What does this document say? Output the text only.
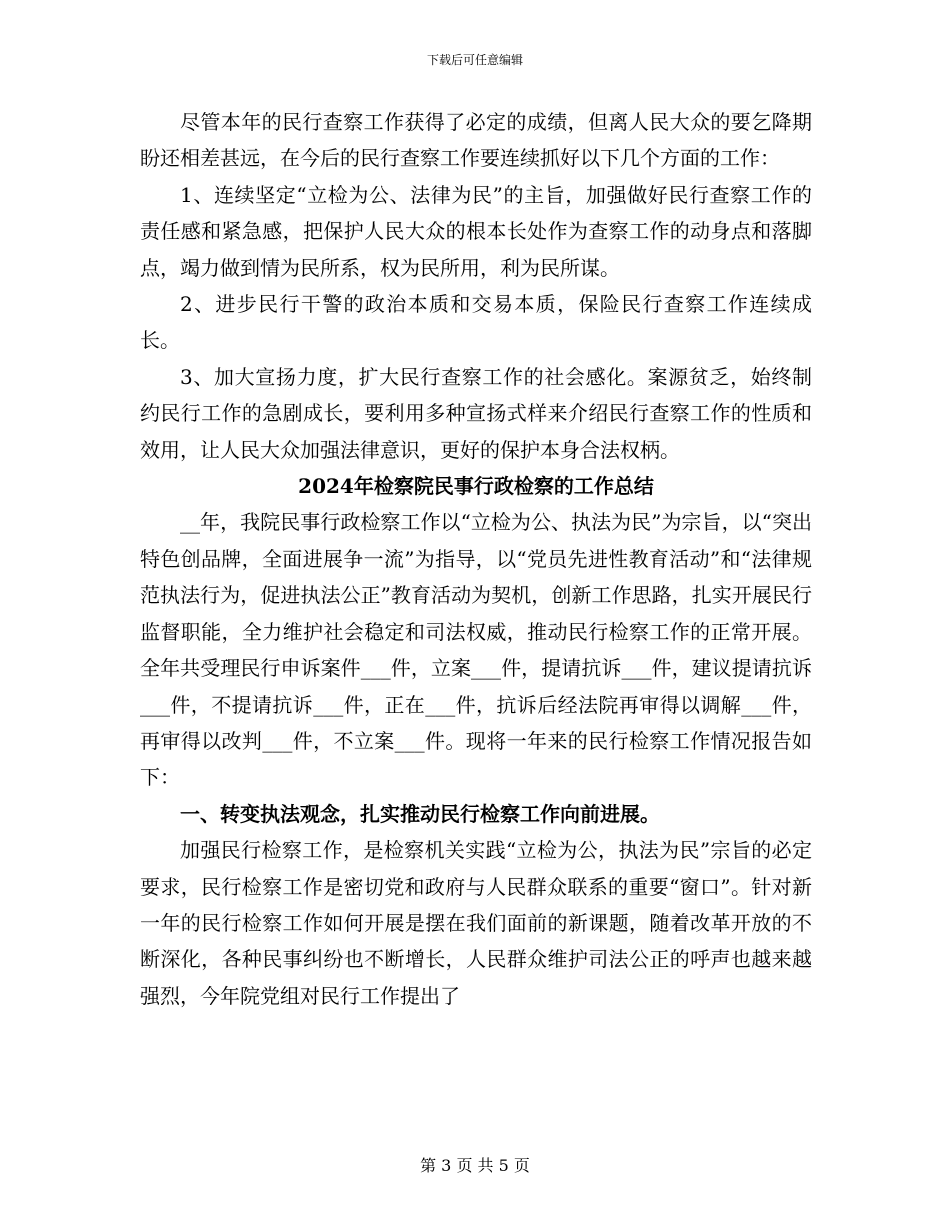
下载后可任意编辑

尽管本年的民行查察工作获得了必定的成绩，但离人民大众的要乞降期盼还相差甚远，在今后的民行查察工作要连续抓好以下几个方面的工作：

1、连续坚定“立检为公、法律为民”的主旨，加强做好民行查察工作的责任感和紧急感，把保护人民大众的根本长处作为查察工作的动身点和落脚点，竭力做到情为民所系，权为民所用，利为民所谋。

2、进步民行干警的政治本质和交易本质，保险民行查察工作连续成长。

3、加大宣扬力度，扩大民行查察工作的社会感化。案源贫乏，始终制约民行工作的急剧成长，要利用多种宣扬式样来介绍民行查察工作的性质和效用，让人民大众加强法律意识，更好的保护本身合法权柄。

2024年检察院民事行政检察的工作总结

__年，我院民事行政检察工作以“立检为公、执法为民”为宗旨，以“突出特色创品牌，全面进展争一流”为指导，以“党员先进性教育活动”和“法律规范执法行为，促进执法公正”教育活动为契机，创新工作思路，扎实开展民行监督职能，全力维护社会稳定和司法权威，推动民行检察工作的正常开展。全年共受理民行申诉案件___件，立案___件，提请抗诉___件，建议提请抗诉___件，不提请抗诉___件，正在___件，抗诉后经法院再审得以调解___件，再审得以改判___件，不立案___件。现将一年来的民行检察工作情况报告如下：

一、转变执法观念，扎实推动民行检察工作向前进展。

加强民行检察工作，是检察机关实践“立检为公，执法为民”宗旨的必定要求，民行检察工作是密切党和政府与人民群众联系的重要“窗口”。针对新一年的民行检察工作如何开展是摆在我们面前的新课题，随着改革开放的不断深化，各种民事纠纷也不断增长，人民群众维护司法公正的呼声也越来越强烈，今年院党组对民行工作提出了

第 3 页 共 5 页
